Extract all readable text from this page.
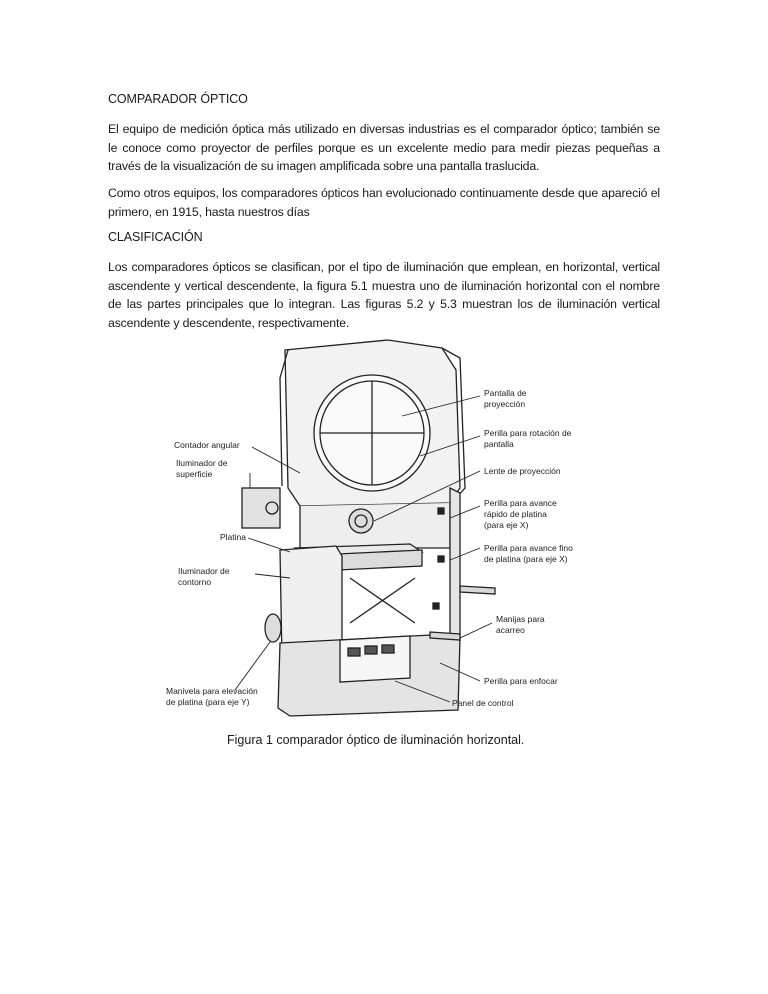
COMPARADOR ÓPTICO
El equipo de medición óptica más utilizado en diversas industrias es el comparador óptico; también se le conoce como proyector de perfiles porque es un excelente medio para medir piezas pequeñas a través de la visualización de su imagen amplificada sobre una pantalla traslucida.
Como otros equipos, los comparadores ópticos han evolucionado continuamente desde que apareció el primero, en 1915, hasta nuestros días
CLASIFICACIÓN
Los comparadores ópticos se clasifican, por el tipo de iluminación que emplean, en horizontal, vertical ascendente y vertical descendente, la figura 5.1 muestra uno de iluminación horizontal con el nombre de las partes principales que lo integran. Las figuras 5.2 y 5.3 muestran los de iluminación vertical ascendente y descendente, respectivamente.
Pantalla de
proyección
Perilla para rotación de
pantalla
Lente de proyección
Perilla para avance
rápido de platina
(para eje X)
Perilla para avance fino
de platina (para eje X)
Manijas para
acarreo
Perilla para enfocar
Panel de control
Contador angular
Iluminador de
superficie
Platina
Iluminador de
contorno
Manivela para elevación
de platina (para eje Y)
Figura 1 comparador óptico de iluminación horizontal.
